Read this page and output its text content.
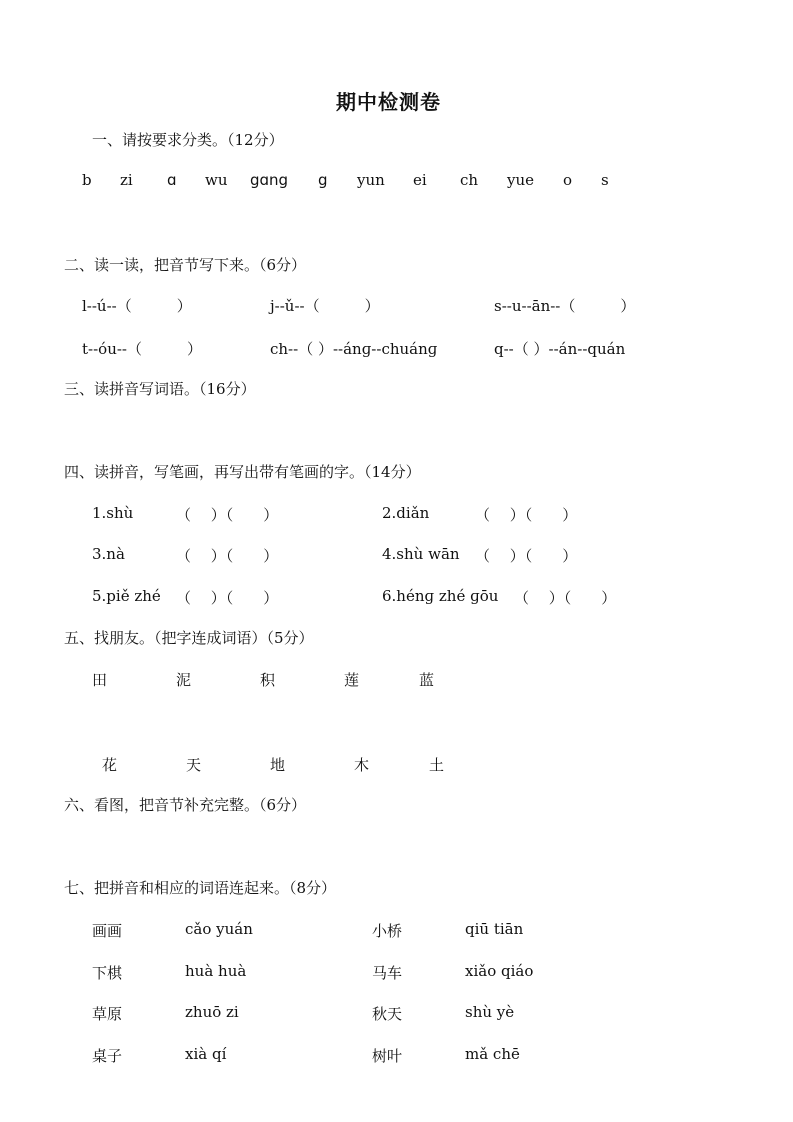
期中检测卷
一、请按要求分类。（12分）
b zi ɑ wu gɑng g yun ei ch yue o s
二、读一读，把音节写下来。（6分）
l--ú--（　　　）	j--ǔ--（　　　）	s--u--ān--（　　　）
t--óu--（　　　）	ch--（ ）--ánɡ--chuánɡ	q--（ ）--án--quán
三、读拼音写词语。（16分）
四、读拼音，写笔画，再写出带有笔画的字。（14分）
1.shù	（　 ）（　　）	2.diǎn	（　 ）（　　）
3.nà	（　 ）（　　）	4.shù wān （　 ）（　　）
5.piě zhé （　 ）（　　）	6.hénɡ zhé ɡōu （　 ）（　　）
五、找朋友。（把字连成词语）（5分）
田	泥	积	莲	蓝
花	天	地	木	土
六、看图，把音节补充完整。（6分）
七、把拼音和相应的词语连起来。（8分）
画画	cǎo yuán	小桥	qiū tiān
下棋	huà huà	马车	xiǎo qiáo
草原	zhuō zi	秋天	shù yè
桌子	xià qí	树叶	mǎ chē
